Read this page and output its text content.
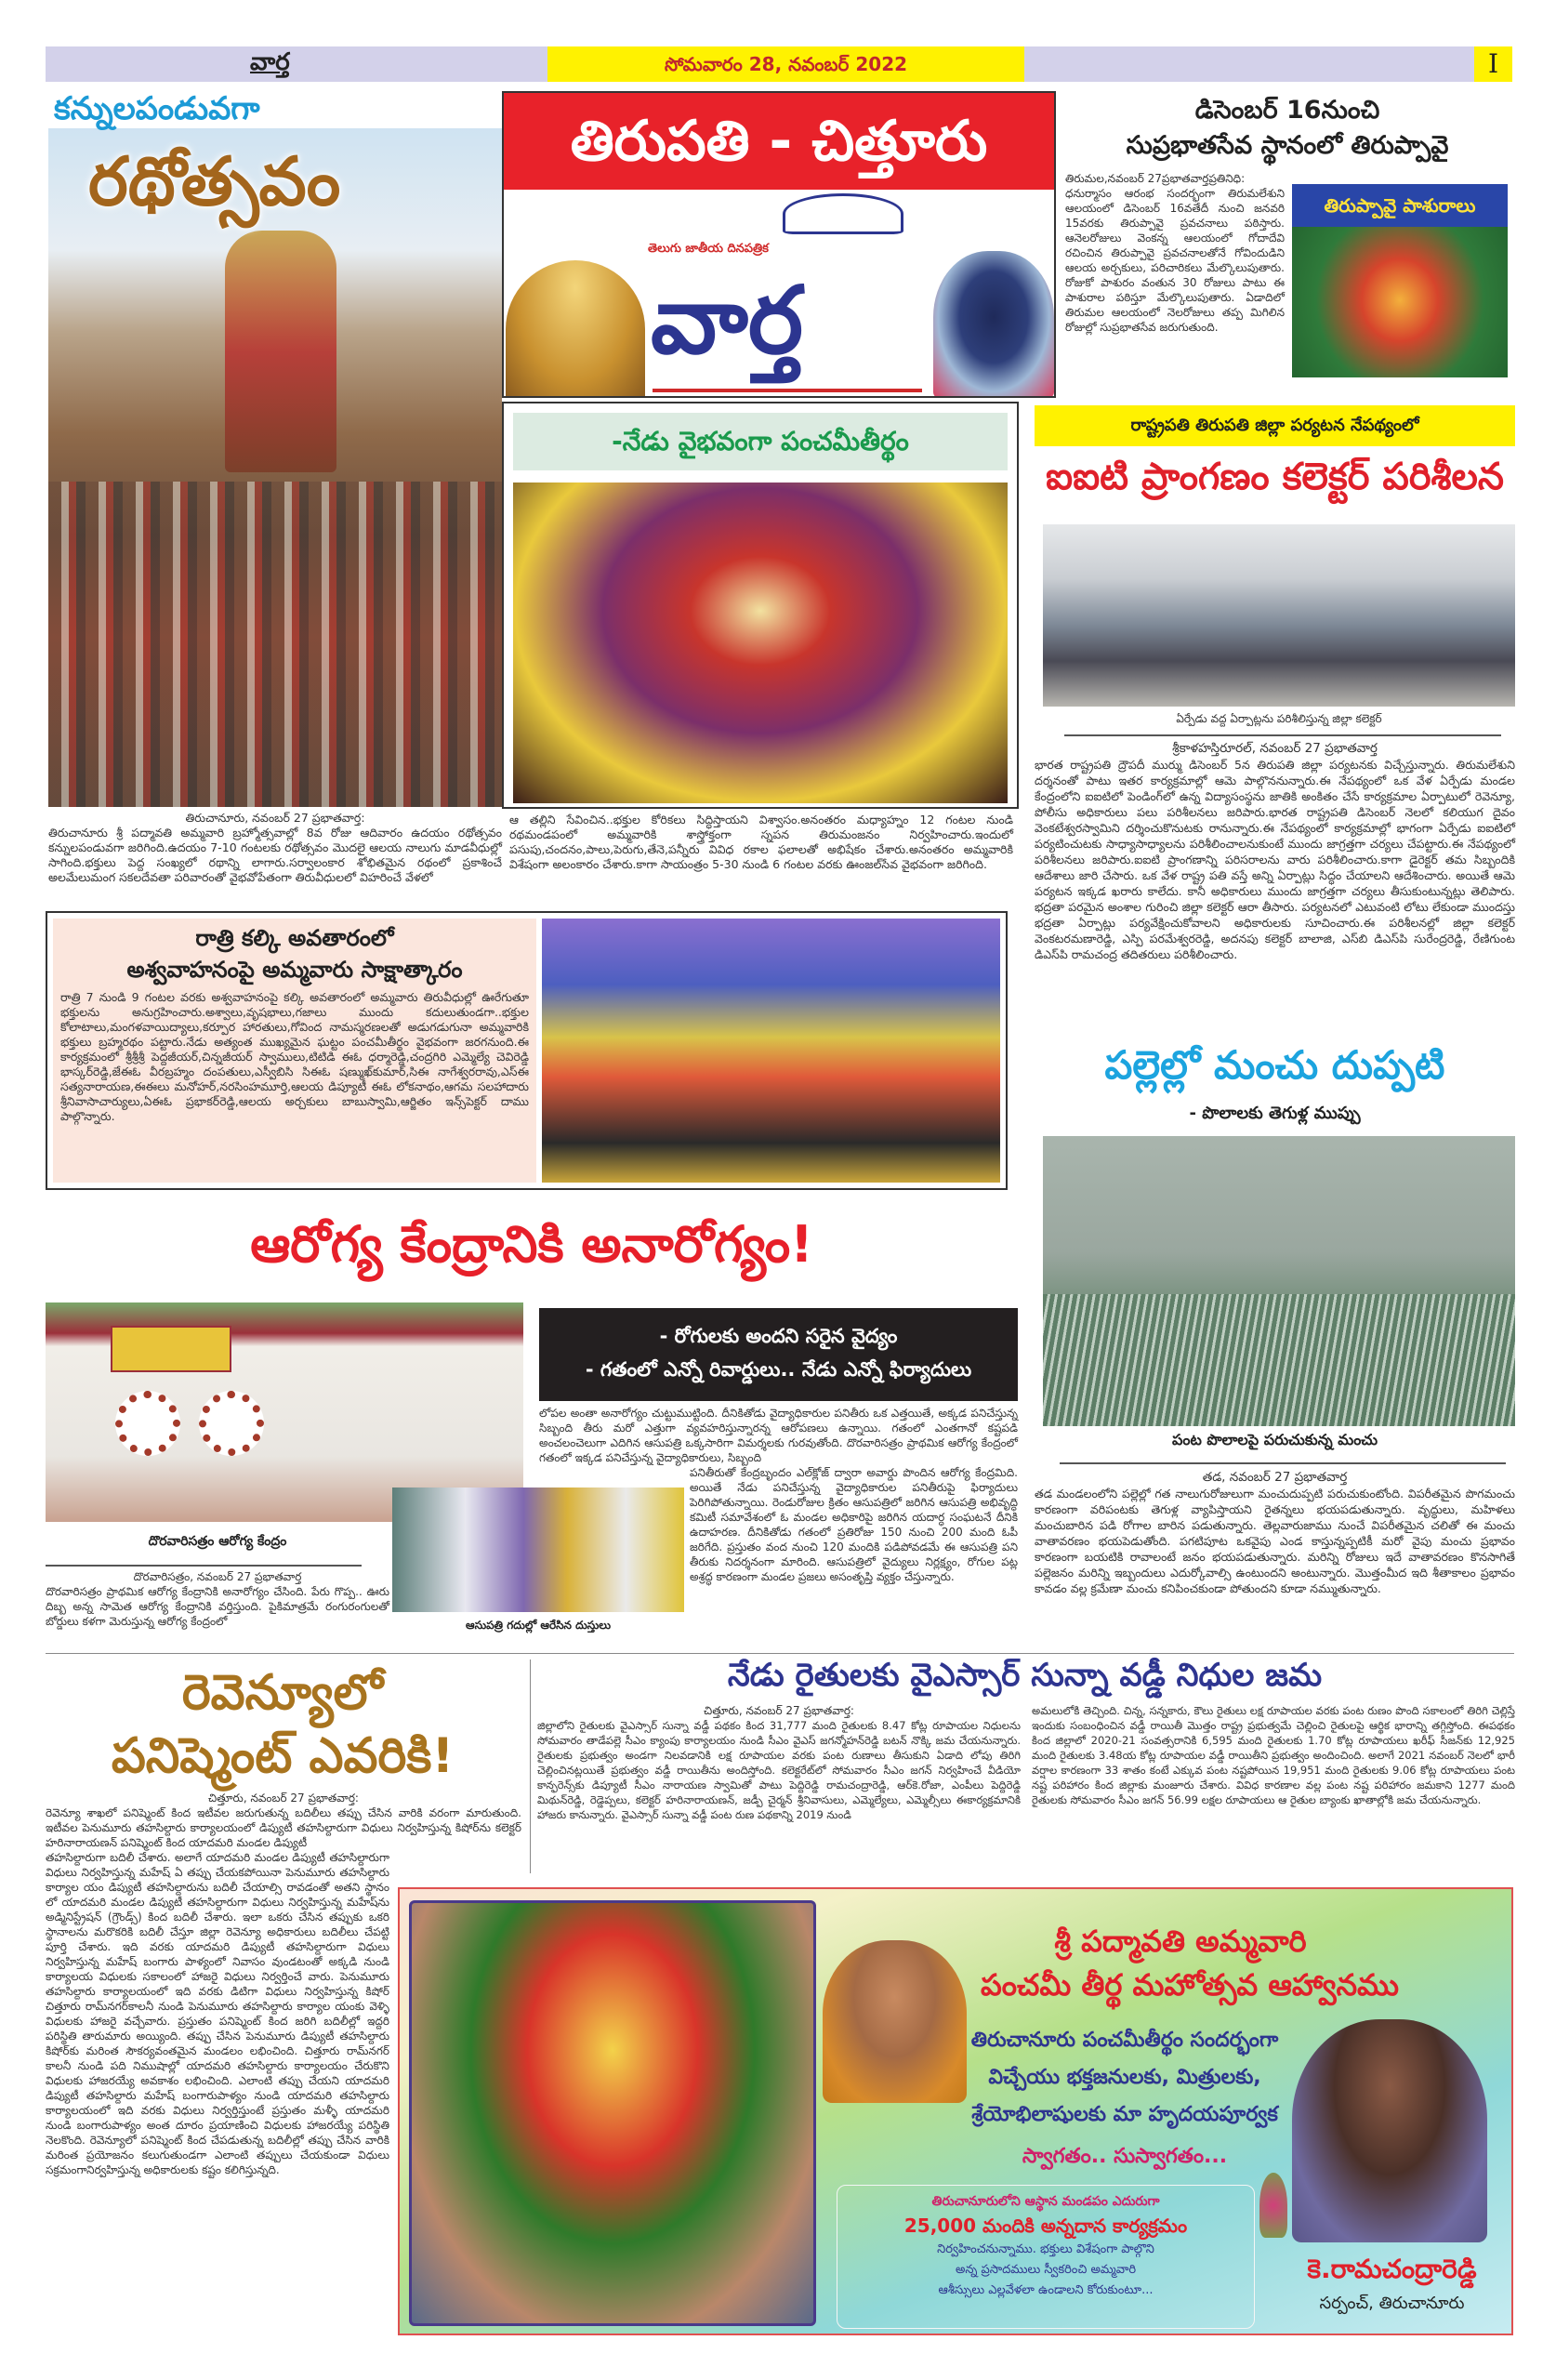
వార్త	సోమవారం 28, నవంబర్ 2022	I
కన్నులపండువగా
రథోత్సవం
తిరుచానూరు, నవంబర్ 27 ప్రభాతవార్త:
తిరుచానూరు శ్రీ పద్మావతి అమ్మవారి బ్రహ్మోత్సవాల్లో 8వ రోజు ఆదివారం ఉదయం రథోత్సవం కన్నులపండువగా జరిగింది.ఉదయం 7-10 గంటలకు రథోత్సవం మొదలై ఆలయ నాలుగు మాడవీధుల్లో సాగింది.భక్తులు పెద్ద సంఖ్యలో రథాన్ని లాగారు.సర్వాలంకార శోభితమైన రథంలో ప్రకాశించే అలమేలుమంగ సకలదేవతా పరివారంతో వైభవోపేతంగా తిరువీధులలో విహరించే వేళలో
తిరుపతి - చిత్తూరు
తెలుగు జాతీయ దినపత్రిక
వార్త
-నేడు వైభవంగా పంచమీతీర్థం
ఆ తల్లిని సేవించిన..భక్తుల కోరికలు సిద్ధిస్తాయని విశ్వాసం.అనంతరం మధ్యాహ్నం 12 గంటల నుండి రథమండపంలో అమ్మవారికి శాస్త్రోక్తంగా స్నపన తిరుమంజనం నిర్వహించారు.ఇందులో పసుపు,చందనం,పాలు,పెరుగు,తేనె,పన్నీరు వివిధ రకాల ఫలాలతో అభిషేకం చేశారు.అనంతరం అమ్మవారికి విశేషంగా అలంకారం చేశారు.కాగా సాయంత్రం 5-30 నుండి 6 గంటల వరకు ఊంజల్‌సేవ వైభవంగా జరిగింది.
రాత్రి కల్కి అవతారంలో
అశ్వవాహనంపై అమ్మవారు సాక్షాత్కారం
రాత్రి 7 నుండి 9 గంటల వరకు అశ్వవాహనంపై కల్కి అవతారంలో అమ్మవారు తిరువీధుల్లో ఊరేగుతూ భక్తులను అనుగ్రహించారు.అశ్వాలు,వృషభాలు,గజాలు ముందు కదులుతుండగా..భక్తుల కోలాటాలు,మంగళవాయిద్యాలు,కర్పూర హారతులు,గోవింద నామస్మరణలతో అడుగడుగునా అమ్మవారికి భక్తులు బ్రహ్మరథం పట్టారు.నేడు అత్యంత ముఖ్యమైన ఘట్టం పంచమీతీర్థం వైభవంగా జరగనుంది.ఈ కార్యక్రమంలో శ్రీశ్రీశ్రీ పెద్దజీయర్,చిన్నజీయర్ స్వాములు,టిటిడి ఈఓ ధర్మారెడ్డి,చంద్రగిరి ఎమ్మెల్యే చెవిరెడ్డి భాస్కర్‌రెడ్డి,జేఈఓ వీరబ్రహ్మం దంపతులు,ఎస్వీబిసి సిఈఓ షణ్ముఖ్‌కుమార్,సిఈ నాగేశ్వరరావు,ఎస్ఈ సత్యనారాయణ,ఈఈలు మనోహర్,నరసింహమూర్తి,ఆలయ డిప్యూటీ ఈఓ లోకనాథం,ఆగమ సలహాదారు శ్రీనివాసాచార్యులు,ఏఈఓ ప్రభాకర్‌రెడ్డి,ఆలయ అర్చకులు బాబుస్వామి,ఆర్జితం ఇన్స్‌పెక్టర్ దాము పాల్గొన్నారు.
డిసెంబర్ 16నుంచి
సుప్రభాతసేవ స్థానంలో తిరుప్పావై
తిరుమల,నవంబర్ 27ప్రభాతవార్తప్రతినిధి:
ధనుర్మాసం ఆరంభ సందర్భంగా తిరుమలేశుని ఆలయంలో డిసెంబర్ 16వతేదీ నుంచి జనవరి 15వరకు తిరుప్పావై ప్రవచనాలు పఠిస్తారు. ఆనెలరోజులు వెంకన్న ఆలయంలో గోదాదేవి రచించిన తిరుప్పావై ప్రవచనాలతోనే గోవిందుడిని ఆలయ అర్చకులు, పరిచారికలు మేల్కొలుపుతారు. రోజుకో పాశురం వంతున 30 రోజులు పాటు ఈ పాశురాల పఠిస్తూ మేల్కొలుపుతారు. ఏడాదిలో తిరుమల ఆలయంలో నెలరోజులు తప్ప మిగిలిన రోజుల్లో సుప్రభాతసేవ జరుగుతుంది.
తిరుప్పావై పాశురాలు
రాష్ట్రపతి తిరుపతి జిల్లా పర్యటన నేపథ్యంలో
ఐఐటి ప్రాంగణం కలెక్టర్ పరిశీలన
ఏర్పేడు వద్ద ఏర్పాట్లను పరిశీలిస్తున్న జిల్లా కలెక్టర్
శ్రీకాళహస్తిరూరల్, నవంబర్ 27 ప్రభాతవార్త
భారత రాష్ట్రపతి ద్రౌపదీ ముర్ము డిసెంబర్ 5న తిరుపతి జిల్లా పర్యటనకు విచ్చేస్తున్నారు. తిరుమలేశుని దర్శనంతో పాటు ఇతర కార్యక్రమాల్లో ఆమె పాల్గొననున్నారు.ఈ నేపథ్యంలో ఒక వేళ ఏర్పేడు మండల కేంద్రంలోని ఐఐటిలో పెండింగ్‌లో ఉన్న విద్యాసంస్థను జాతికి అంకితం చేసే కార్యక్రమాల ఏర్పాటులో రెవెన్యూ, పోలీసు అధికారులు పలు పరిశీలనలు జరిపారు.భారత రాష్ట్రపతి డిసెంబర్ నెలలో కలియుగ దైవం వెంకటేశ్వరస్వామిని దర్శించుకొనుటకు రానున్నారు.ఈ నేపథ్యంలో కార్యక్రమాల్లో భాగంగా ఏర్పేడు ఐఐటిలో పర్యటించుటకు సాధ్యాసాధ్యాలను పరిశీలించాలనుకుంటే ముందు జాగ్రత్తగా చర్యలు చేపట్టారు.ఈ నేపథ్యంలో పరిశీలనలు జరిపారు.ఐఐటి ప్రాంగణాన్ని పరిసరాలను వారు పరిశీలించారు.కాగా డైరెక్టర్ తమ సిబ్బందికి ఆదేశాలు జారి చేసారు. ఒక వేళ రాష్ట్ర పతి వస్తే అన్ని ఏర్పాట్లు సిద్ధం చేయాలని ఆదేశించారు. అయితే ఆమె పర్యటన ఇక్కడ ఖరారు కాలేదు. కానీ అధికారులు ముందు జాగ్రత్తగా చర్యలు తీసుకుంటున్నట్లు తెలిపారు. భద్రతా పరమైన అంశాల గురించి జిల్లా కలెక్టర్ ఆరా తీసారు. పర్యటనలో ఎటువంటి లోటు లేకుండా ముందస్తు భద్రతా ఏర్పాట్లు పర్యవేక్షించుకోవాలని అధికారులకు సూచించారు.ఈ పరిశీలనల్లో జిల్లా కలెక్టర్ వెంకటరమణారెడ్డి, ఎస్పి పరమేశ్వరరెడ్డి, అదనపు కలెక్టర్ బాలాజి, ఎస్‌బి డిఎస్‌పి సురేంద్రరెడ్డి, రేణిగుంట డిఎస్‌పి రామచంద్ర తదితరులు పరిశీలించారు.
పల్లెల్లో మంచు దుప్పటి
- పొలాలకు తెగుళ్ల ముప్పు
పంట పొలాలపై పరుచుకున్న మంచు
తడ, నవంబర్ 27 ప్రభాతవార్త
తడ మండలంలోని పల్లెల్లో గత నాలుగురోజులుగా మంచుదుప్పటి పరుచుకుంటోంది. విపరీతమైన పొగమంచు కారణంగా వరిపంటకు తెగుళ్ల వ్యాపిస్తాయని రైతన్నలు భయపడుతున్నారు. వృద్ధులు, మహిళలు మంచుబారిన పడి రోగాల బారిన పడుతున్నారు. తెల్లవారుజాము నుంచే విపరీతమైన చలితో ఈ మంచు వాతావరణం భయపెడుతోంది. పగటిపూట ఒకవైపు ఎండ కాస్తున్నప్పటికీ మరో వైపు మంచు ప్రభావం కారణంగా బయటికి రావాలంటే జనం భయపడుతున్నారు. మరిన్ని రోజులు ఇదే వాతావరణం కొనసాగితే పల్లెజనం మరిన్ని ఇబ్బందులు ఎదుర్కోవాల్సి ఉంటుందని అంటున్నారు. మొత్తంమీద ఇది శీతాకాలం ప్రభావం కావడం వల్ల క్రమేణా మంచు కనిపించకుండా పోతుందని కూడా నమ్ముతున్నారు.
ఆరోగ్య కేంద్రానికి అనారోగ్యం!
దొరవారిసత్రం ఆరోగ్య కేంద్రం
దొరవారిసత్రం, నవంబర్ 27 ప్రభాతవార్త
దొరవారిసత్రం ప్రాథమిక ఆరోగ్య కేంద్రానికి అనారోగ్యం చేసింది. పేరు గొప్ప.. ఊరు దిబ్బ అన్న సామెత ఆరోగ్య కేంద్రానికి వర్తిస్తుంది. పైకిమాత్రమే రంగురంగులతో బోర్డులు కళగా మెరుస్తున్న ఆరోగ్య కేంద్రంలో
- రోగులకు అందని సరైన వైద్యం
- గతంలో ఎన్నో రివార్డులు.. నేడు ఎన్నో ఫిర్యాదులు
ఆసుపత్రి గదుల్లో ఆరేసిన దుస్తులు
లోపల అంతా అనారోగ్యం చుట్టుముట్టింది. దీనికితోడు వైద్యాధికారుల పనితీరు ఒక ఎత్తయితే, అక్కడ పనిచేస్తున్న సిబ్బంది తీరు మరో ఎత్తుగా వ్యవహరిస్తున్నారన్న ఆరోపణలు ఉన్నాయి. గతంలో ఎంతగానో కష్టపడి అంచలంచెలుగా ఎదిగిన ఆసుపత్రి ఒక్కసారిగా విమర్శలకు గురవుతోంది. దొరవారిసత్రం ప్రాథమిక ఆరోగ్య కేంద్రంలో గతంలో ఇక్కడ పనిచేస్తున్న వైద్యాధికారులు, సిబ్బంది
పనితీరుతో కేంద్రబృందం ఎల్‌క్లోజ్ ద్వారా అవార్డు పొందిన ఆరోగ్య కేంద్రమిది. అయితే నేడు పనిచేస్తున్న వైద్యాధికారుల పనితీరుపై ఫిర్యాదులు పెరిగిపోతున్నాయి. రెండురోజుల క్రితం ఆసుపత్రిలో జరిగిన ఆసుపత్రి అభివృద్ధి కమిటీ సమావేశంలో ఓ మండల అధికారిపై జరిగిన యదార్ధ సంఘటనే దీనికి ఉదాహరణ. దీనికితోడు గతంలో ప్రతిరోజు 150 నుంచి 200 మంది ఓపీ జరిగేది. ప్రస్తుతం వంద నుంచి 120 మందికి పడిపోవడమే ఈ ఆసుపత్రి పని తీరుకు నిదర్శనంగా మారింది. ఆసుపత్రిలో వైద్యులు నిర్లక్ష్యం, రోగుల పట్ల అశ్రద్ధ కారణంగా మండల ప్రజలు అసంతృప్తి వ్యక్తం చేస్తున్నారు.
రెవెన్యూలో
పనిష్మెంట్ ఎవరికి!
చిత్తూరు, నవంబర్ 27 ప్రభాతవార్త:
రెవెన్యూ శాఖలో పనిష్మెంట్ కింద ఇటీవల జరుగుతున్న బదిలీలు తప్పు చేసిన వారికి వరంగా మారుతుంది. ఇటీవల పెనుమూరు తహసిల్దారు కార్యాలయంలో డిప్యుటీ తహసిల్దారుగా విధులు నిర్వహిస్తున్న కిషోర్‌ను కలెక్టర్ హరినారాయణన్ పనిష్మెంట్ కింద యాదమరి మండల డిప్యుటీ
తహసిల్దారుగా బదిలీ చేశారు. అలాగే యాదమరి మండల డిప్యుటీ తహసిల్దారుగా విధులు నిర్వహిస్తున్న మహేష్ ఏ తప్పు చేయకపోయినా పెనుమూరు తహసిల్దారు కార్యాల యం డిప్యుటీ తహసిల్దారును బదిలీ చేయాల్సి రావడంతో అతని స్థానం లో యాదమరి మండల డిప్యుటీ తహసిల్దారుగా విధులు నిర్వహిస్తున్న మహేష్‌ను అడ్మినిస్ట్రేషన్ (గ్రౌండ్స్) కింద బదిలీ చేశారు. ఇలా ఒకరు చేసిన తప్పుకు ఒకరి స్థానాలను మరొకరికి బదిలీ చేస్తూ జిల్లా రెవెన్యూ అధికారులు బదిలీలు చేపట్టి పూర్తి చేశారు. ఇది వరకు యాదమరి డిప్యుటీ తహసిల్దారుగా విధులు నిర్వహిస్తున్న మహేష్ బంగారు పాళ్యంలో నివాసం వుండటంతో అక్కడి నుండి కార్యాలయ విధులకు సకాలంలో హాజరై విధులు నిర్వర్తించే వారు. పెనుమూరు తహసిల్దారు కార్యాలయంలో ఇది వరకు డిటిగా విధులు నిర్వహిస్తున్న కిషోర్ చిత్తూరు రామ్‌నగర్‌కాలనీ నుండి పెనుమూరు తహసిల్దారు కార్యాల యంకు వెళ్ళి విధులకు హాజరై వచ్చేవారు. ప్రస్తుతం పనిష్మెంట్ కింద జరిగి బదిలీల్లో ఇద్దరి పరిస్థితి తారుమారు అయ్యింది. తప్పు చేసిన పెనుమూరు డిప్యుటీ తహసిల్దారు కిషోర్‌కు మరింత సౌకర్యవంతమైన మండలం లభించింది. చిత్తూరు రామ్‌నగర్ కాలనీ నుండి పది నిముషాల్లో యాదమరి తహసిల్దారు కార్యాలయం చేరుకొని విధులకు హాజరయ్యే అవకాశం లభించింది. ఎలాంటి తప్పు చేయని యాదమరి డిప్యుటీ తహసిల్దారు మహేష్ బంగారుపాళ్యం నుండి యాదమరి తహసిల్దారు కార్యాలయంలో ఇది వరకు విధులు నిర్వర్తిస్తుంటే ప్రస్తుతం మళ్ళీ యాదమరి నుండి బంగారుపాళ్యం అంత దూరం ప్రయాణించి విధులకు హాజరయ్యే పరిస్థితి నెలకొంది. రెవెన్యూలో పనిష్మెంట్ కింద చేపడుతున్న బదిలీల్లో తప్పు చేసిన వారికి మరింత ప్రయోజనం కలుగుతుండగా ఎలాంటి తప్పులు చేయకుండా విధులు సక్రమంగానిర్వహిస్తున్న అధికారులకు కష్టం కలిగిస్తున్నది.
నేడు రైతులకు వైఎస్సార్ సున్నా వడ్డీ నిధుల జమ
చిత్తూరు, నవంబర్ 27 ప్రభాతవార్త:
జిల్లాలోని రైతులకు వైఎస్సార్ సున్నా వడ్డీ పథకం కింద 31,777 మంది రైతులకు 8.47 కోట్ల రూపాయల నిధులను సోమవారం తాడేపల్లె సీఎం క్యాంపు కార్యాలయం నుండి సీఎం వైఎస్ జగన్మోహన్‌రెడ్డి బటన్ నొక్కి జమ చేయనున్నారు. రైతులకు ప్రభుత్వం అండగా నిలవడానికి లక్ష రూపాయల వరకు పంట రుణాలు తీసుకుని ఏడాది లోపు తిరిగి చెల్లించినట్లయితే ప్రభుత్వం వడ్డీ రాయితీను అందిస్తోంది. కలెక్టరేట్‌లో సోమవారం సీఎం జగన్ నిర్వహించే వీడియో కాన్ఫరెన్స్‌కు డిప్యూటీ సీఎం నారాయణ స్వామితో పాటు పెద్దిరెడ్డి రామచంద్రారెడ్డి, ఆర్‌కె.రోజా, ఎంపీలు పెద్దిరెడ్డి మిథున్‌రెడ్డి, రెడ్డెప్పలు, కలెక్టర్ హరినారాయణన్, జడ్పీ చైర్మన్ శ్రీనివాసులు, ఎమ్మెల్యేలు, ఎమ్మెల్సీలు ఈకార్యక్రమానికి హాజరు కానున్నారు. వైఎస్సార్ సున్నా వడ్డీ పంట రుణ పథకాన్ని 2019 నుండి
అమలులోకి తెచ్చింది. చిన్న, సన్నకారు, కౌలు రైతులు లక్ష రూపాయల వరకు పంట రుణం పొంది సకాలంలో తిరిగి చెల్లిస్తే ఇందుకు సంబంధించిన వడ్డీ రాయితీ మొత్తం రాష్ట్ర ప్రభుత్వమే చెల్లించి రైతులపై ఆర్థిక భారాన్ని తగ్గిస్తోంది. ఈపథకం కింద జిల్లాలో 2020-21 సంవత్సరానికి 6,595 మంది రైతులకు 1.70 కోట్ల రూపాయలు ఖరీఫ్ సీజన్‌కు 12,925 మంది రైతులకు 3.48య కోట్ల రూపాయల వడ్డీ రాయితీని ప్రభుత్వం అందించింది. అలాగే 2021 నవంబర్ నెలలో భారీ వర్షాల కారణంగా 33 శాతం కంటే ఎక్కువ పంట నష్టపోయిన 19,951 మంది రైతులకు 9.06 కోట్ల రూపాయలు పంట నష్ట పరిహారం కింద జిల్లాకు మంజూరు చేశారు. వివిధ కారణాల వల్ల పంట నష్ట పరిహారం జమకాని 1277 మంది రైతులకు సోమవారం సీఎం జగన్ 56.99 లక్షల రూపాయలు ఆ రైతుల బ్యాంకు ఖాతాల్లోకి జమ చేయనున్నారు.
శ్రీ పద్మావతి అమ్మవారి
పంచమీ తీర్థ మహోత్సవ ఆహ్వానము
తిరుచానూరు పంచమీతీర్థం సందర్భంగా
విచ్చేయు భక్తజనులకు, మిత్రులకు,
శ్రేయోభిలాషులకు మా హృదయపూర్వక
స్వాగతం.. సుస్వాగతం...
తిరుచానూరులోని ఆస్థాన మండపం ఎదురుగా
25,000 మందికి అన్నదాన కార్యక్రమం
నిర్వహించనున్నాము. భక్తులు విశేషంగా పాల్గొని
అన్న ప్రసాదములు స్వీకరించి అమ్మవారి
ఆశీస్సులు ఎల్లవేళలా ఉండాలని కోరుకుంటూ...
కె.రామచంద్రారెడ్డి
సర్పంచ్, తిరుచానూరు
